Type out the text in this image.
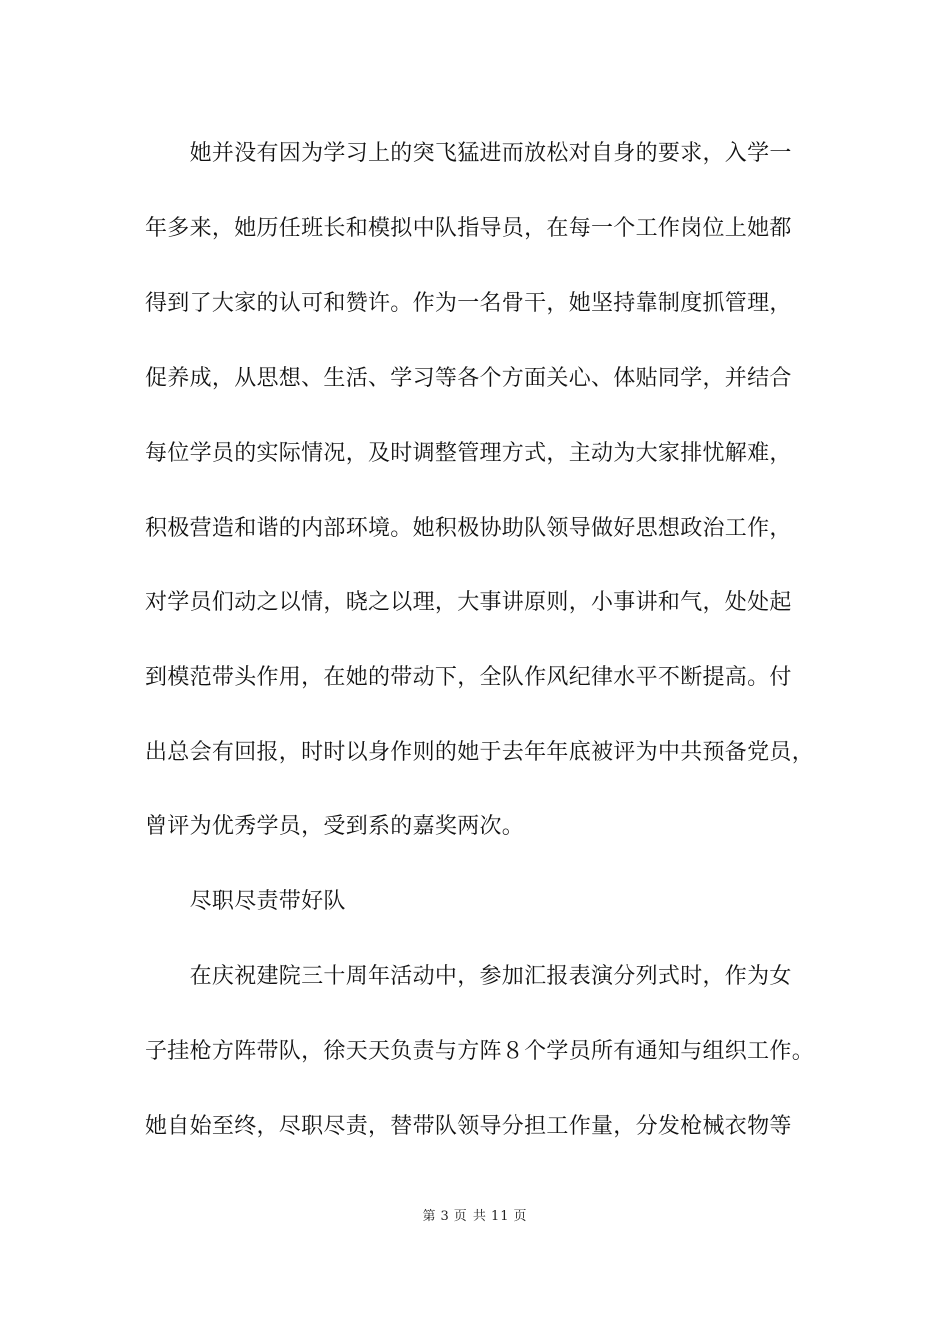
　　她并没有因为学习上的突飞猛进而放松对自身的要求，入学一
年多来，她历任班长和模拟中队指导员，在每一个工作岗位上她都
得到了大家的认可和赞许。作为一名骨干，她坚持靠制度抓管理，
促养成，从思想、生活、学习等各个方面关心、体贴同学，并结合
每位学员的实际情况，及时调整管理方式，主动为大家排忧解难，
积极营造和谐的内部环境。她积极协助队领导做好思想政治工作，
对学员们动之以情，晓之以理，大事讲原则，小事讲和气，处处起
到模范带头作用，在她的带动下，全队作风纪律水平不断提高。付
出总会有回报，时时以身作则的她于去年年底被评为中共预备党员，
曾评为优秀学员，受到系的嘉奖两次。
　　尽职尽责带好队
　　在庆祝建院三十周年活动中，参加汇报表演分列式时，作为女
子挂枪方阵带队，徐天天负责与方阵８个学员所有通知与组织工作。
她自始至终，尽职尽责，替带队领导分担工作量，分发枪械衣物等
第 3 页 共 11 页
